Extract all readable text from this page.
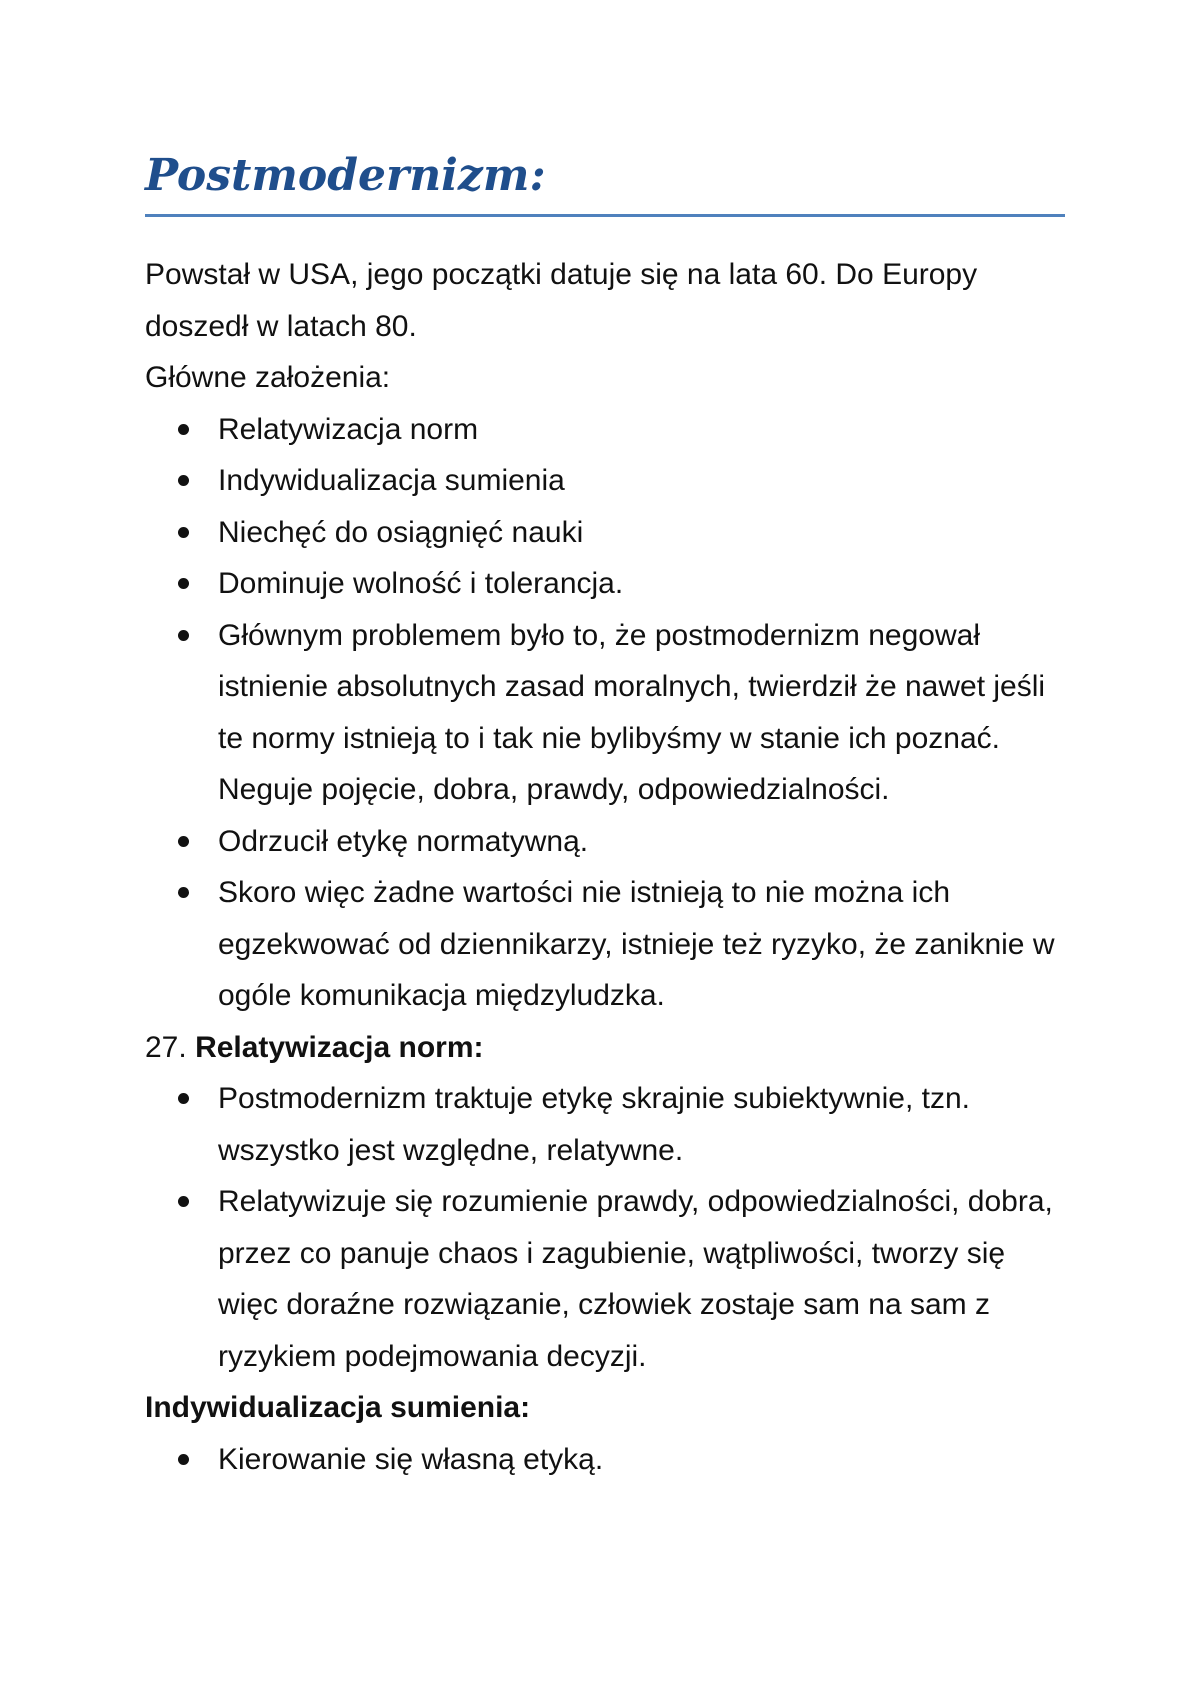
Postmodernizm:

Powstał w USA, jego początki datuje się na lata 60. Do Europy doszedł w latach 80.

Główne założenia:

Relatywizacja norm
Indywidualizacja sumienia
Niechęć do osiągnięć nauki
Dominuje wolność i tolerancja.
Głównym problemem było to, że postmodernizm negował istnienie absolutnych zasad moralnych, twierdził że nawet jeśli te normy istnieją to i tak nie bylibyśmy w stanie ich poznać. Neguje pojęcie, dobra, prawdy, odpowiedzialności.
Odrzucił etykę normatywną.
Skoro więc żadne wartości nie istnieją to nie można ich egzekwować od dziennikarzy, istnieje też ryzyko, że zaniknie w ogóle komunikacja międzyludzka.

27. Relatywizacja norm:

Postmodernizm traktuje etykę skrajnie subiektywnie, tzn. wszystko jest względne, relatywne.
Relatywizuje się rozumienie prawdy, odpowiedzialności, dobra, przez co panuje chaos i zagubienie, wątpliwości, tworzy się więc doraźne rozwiązanie, człowiek zostaje sam na sam z ryzykiem podejmowania decyzji.

Indywidualizacja sumienia:

Kierowanie się własną etyką.
